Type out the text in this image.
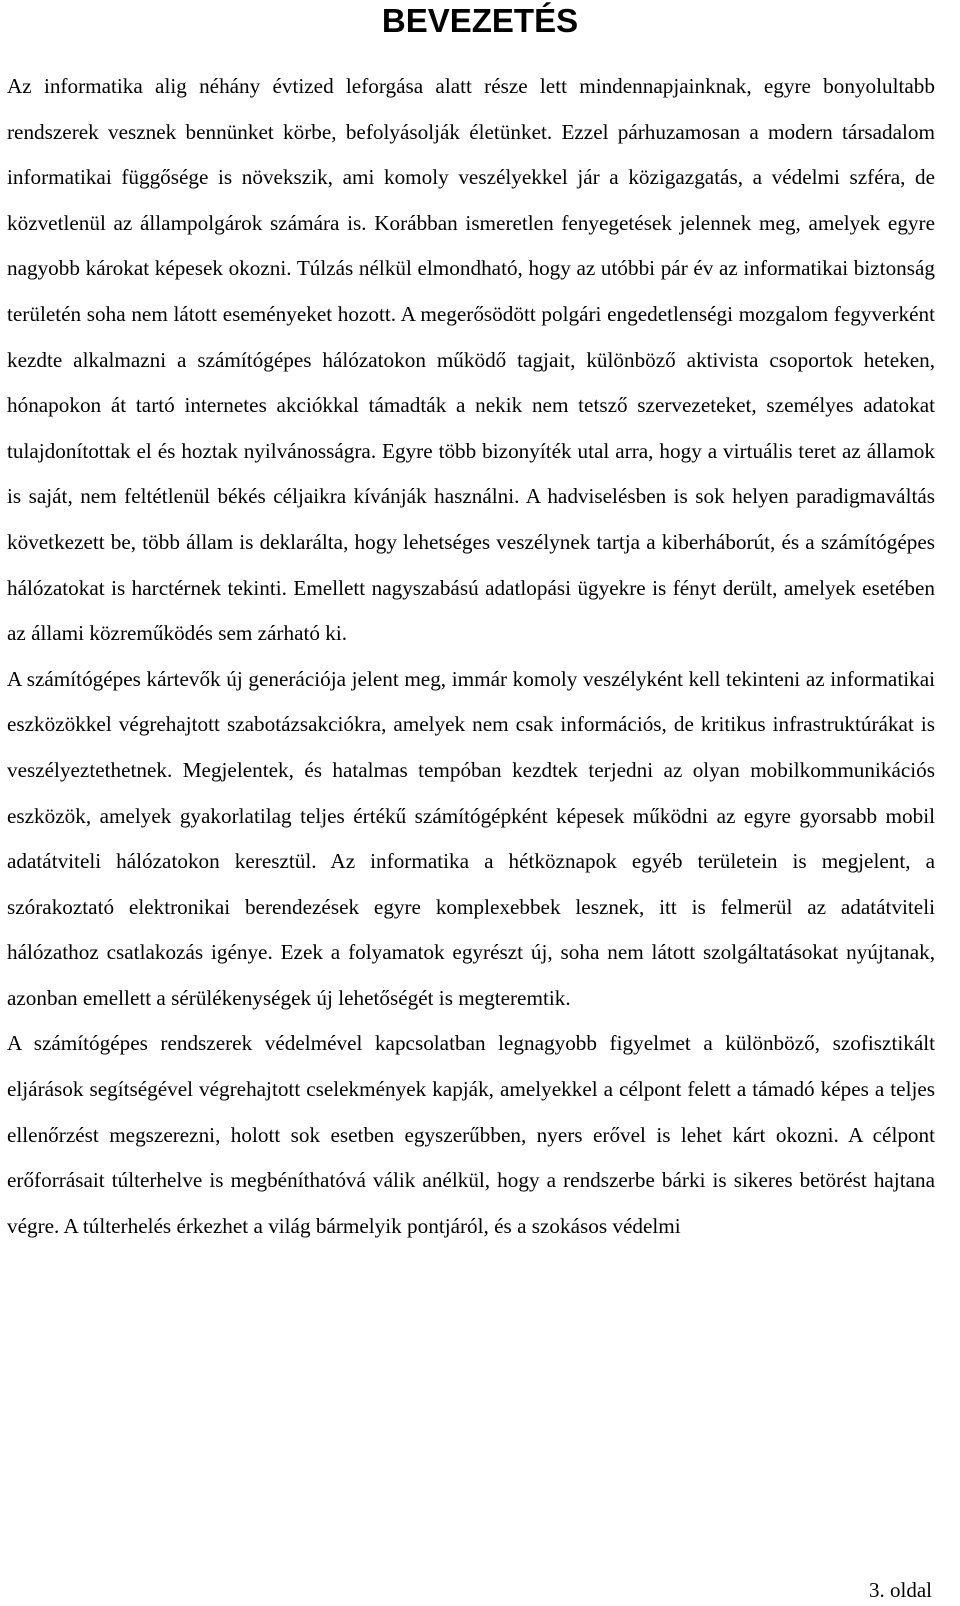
BEVEZETÉS

Az informatika alig néhány évtized leforgása alatt része lett mindennapjainknak, egyre bonyolultabb rendszerek vesznek bennünket körbe, befolyásolják életünket. Ezzel párhuzamosan a modern társadalom informatikai függősége is növekszik, ami komoly veszélyekkel jár a közigazgatás, a védelmi szféra, de közvetlenül az állampolgárok számára is. Korábban ismeretlen fenyegetések jelennek meg, amelyek egyre nagyobb károkat képesek okozni. Túlzás nélkül elmondható, hogy az utóbbi pár év az informatikai biztonság területén soha nem látott eseményeket hozott. A megerősödött polgári engedetlenségi mozgalom fegyverként kezdte alkalmazni a számítógépes hálózatokon működő tagjait, különböző aktivista csoportok heteken, hónapokon át tartó internetes akciókkal támadták a nekik nem tetsző szervezeteket, személyes adatokat tulajdonítottak el és hoztak nyilvánosságra. Egyre több bizonyíték utal arra, hogy a virtuális teret az államok is saját, nem feltétlenül békés céljaikra kívánják használni. A hadviselésben is sok helyen paradigmaváltás következett be, több állam is deklarálta, hogy lehetséges veszélynek tartja a kiberháborút, és a számítógépes hálózatokat is harctérnek tekinti. Emellett nagyszabású adatlopási ügyekre is fényt derült, amelyek esetében az állami közreműködés sem zárható ki.

A számítógépes kártevők új generációja jelent meg, immár komoly veszélyként kell tekinteni az informatikai eszközökkel végrehajtott szabotázsakciókra, amelyek nem csak információs, de kritikus infrastruktúrákat is veszélyeztethetnek. Megjelentek, és hatalmas tempóban kezdtek terjedni az olyan mobilkommunikációs eszközök, amelyek gyakorlatilag teljes értékű számítógépként képesek működni az egyre gyorsabb mobil adatátviteli hálózatokon keresztül. Az informatika a hétköznapok egyéb területein is megjelent, a szórakoztató elektronikai berendezések egyre komplexebbek lesznek, itt is felmerül az adatátviteli hálózathoz csatlakozás igénye. Ezek a folyamatok egyrészt új, soha nem látott szolgáltatásokat nyújtanak, azonban emellett a sérülékenységek új lehetőségét is megteremtik.

A számítógépes rendszerek védelmével kapcsolatban legnagyobb figyelmet a különböző, szofisztikált eljárások segítségével végrehajtott cselekmények kapják, amelyekkel a célpont felett a támadó képes a teljes ellenőrzést megszerezni, holott sok esetben egyszerűbben, nyers erővel is lehet kárt okozni. A célpont erőforrásait túlterhelve is megbéníthatóvá válik anélkül, hogy a rendszerbe bárki is sikeres betörést hajtana végre. A túlterhelés érkezhet a világ bármelyik pontjáról, és a szokásos védelmi

3. oldal
